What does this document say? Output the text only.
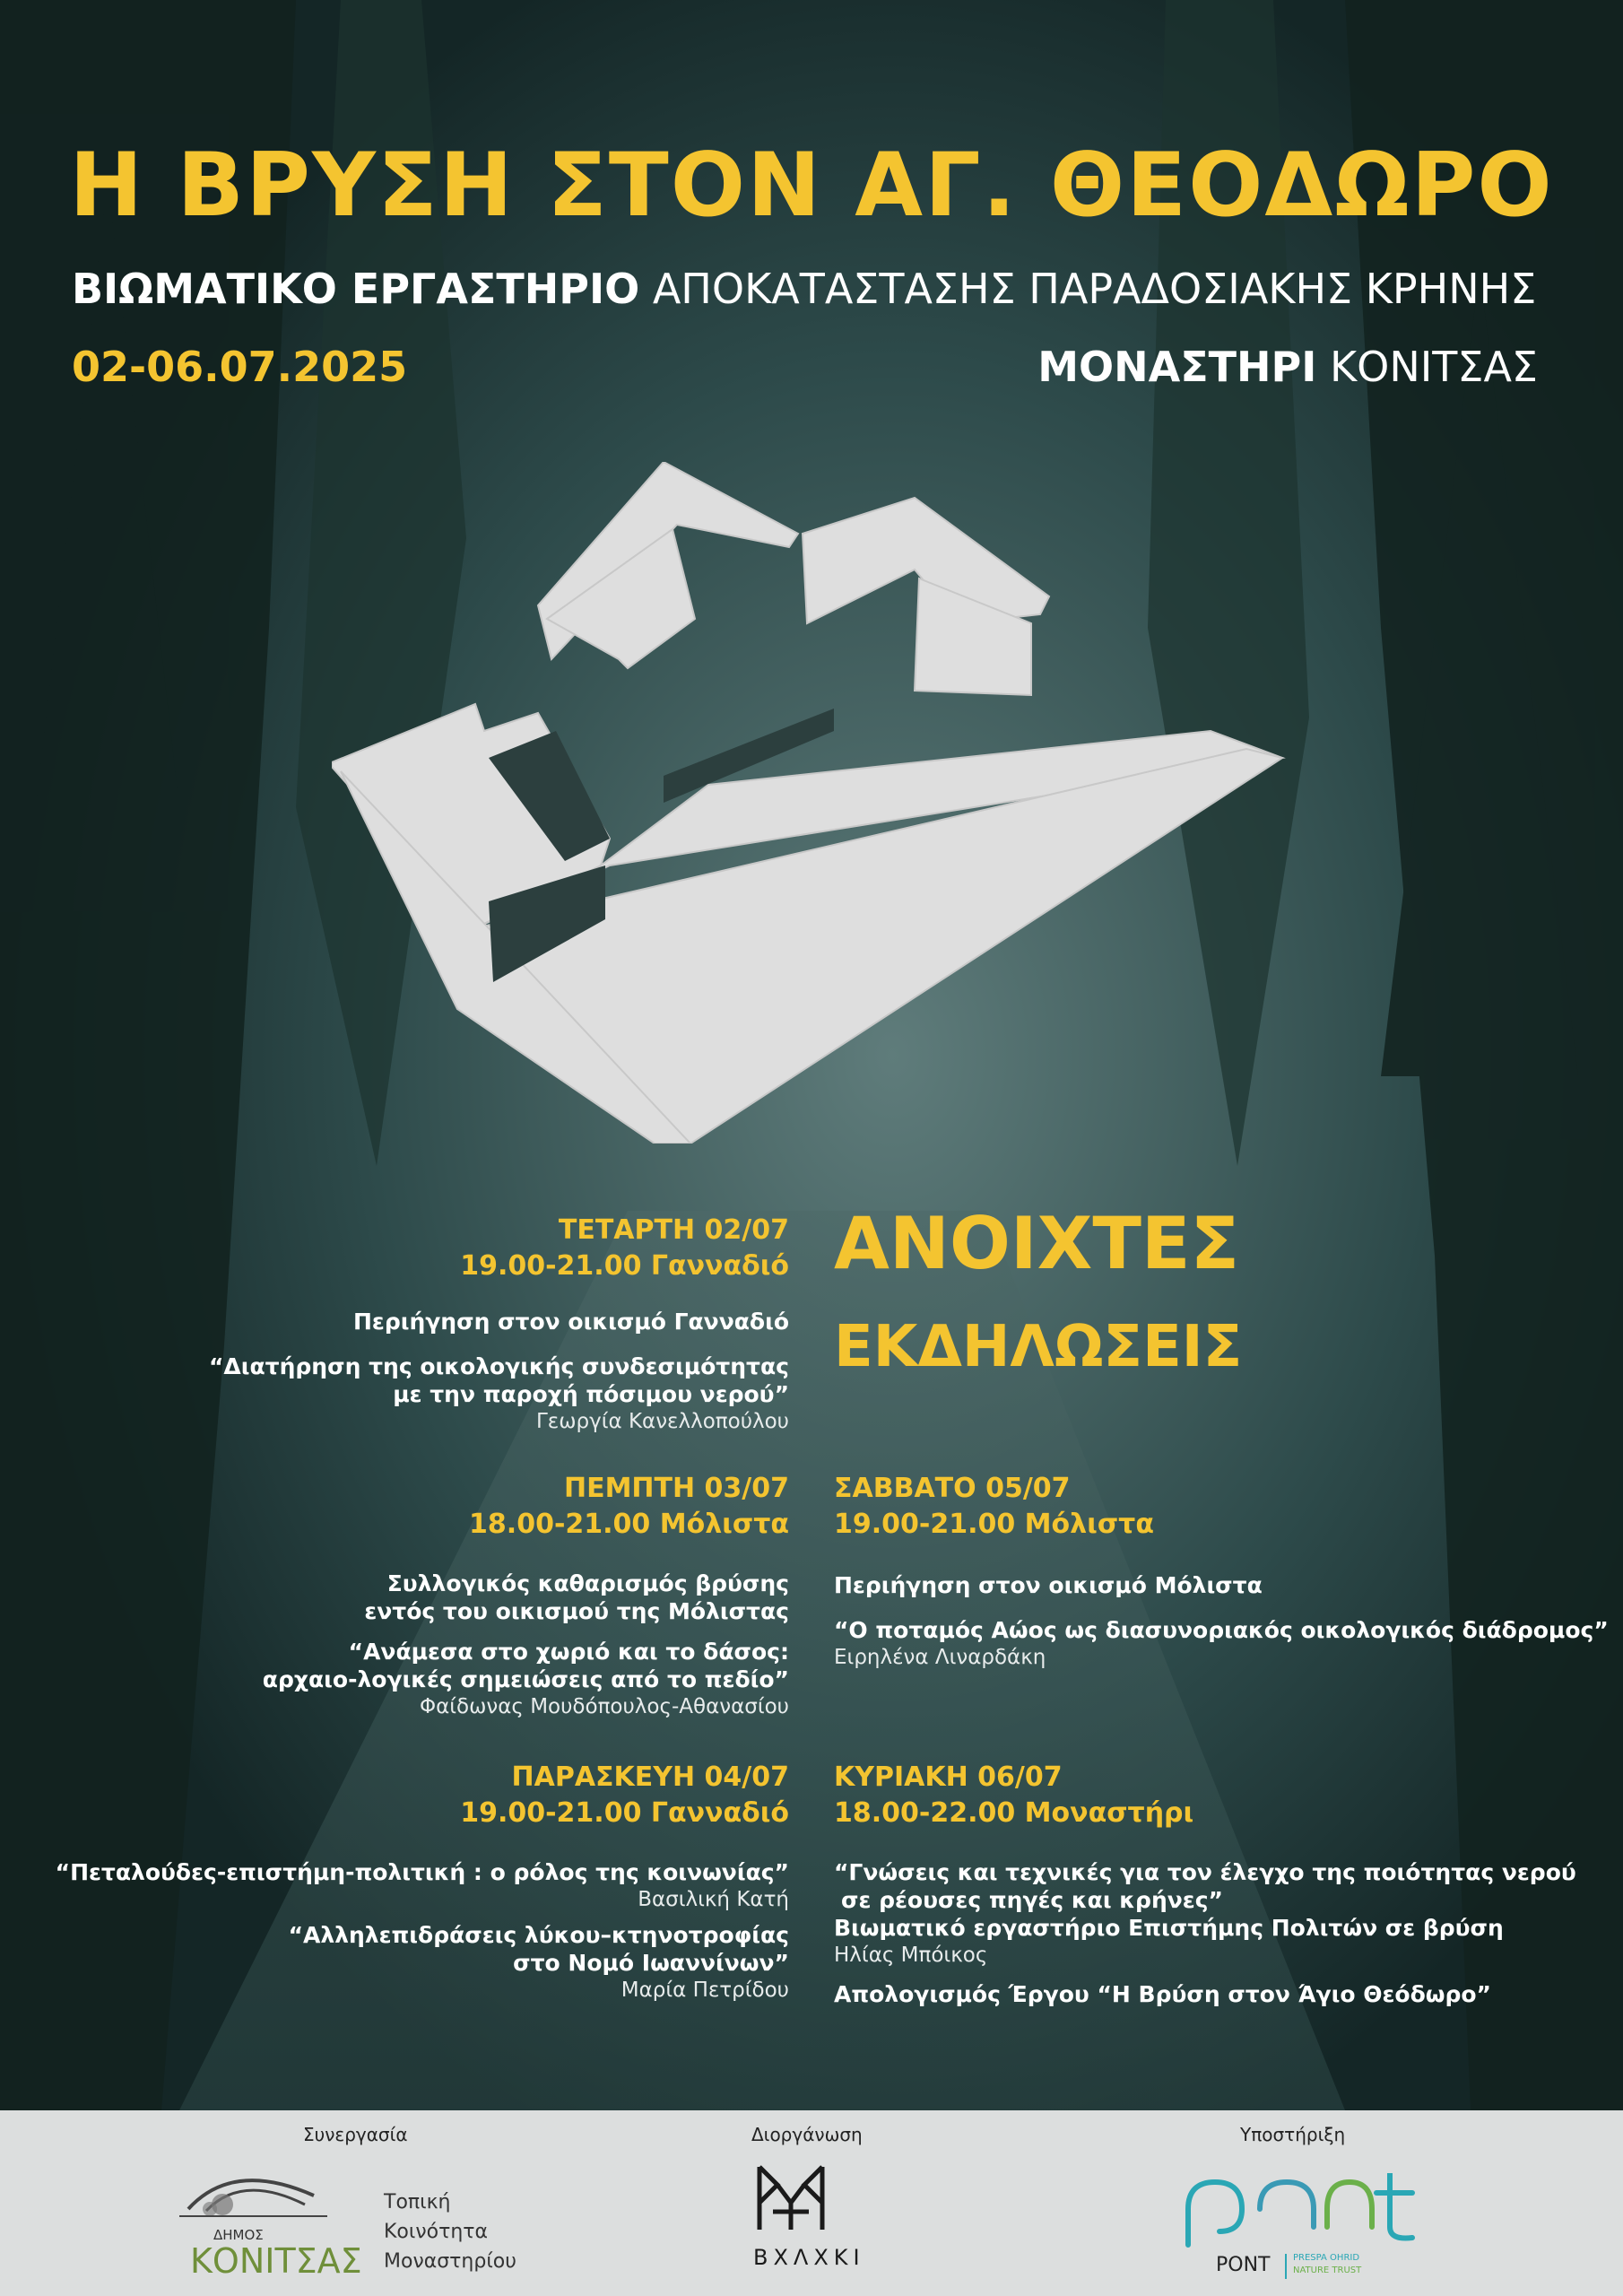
Η ΒΡΥΣΗ ΣΤΟΝ ΑΓ. ΘΕΟΔΩΡΟ
ΒΙΩΜΑΤΙΚΟ ΕΡΓΑΣΤΗΡΙΟ ΑΠΟΚΑΤΑΣΤΑΣΗΣ ΠΑΡΑΔΟΣΙΑΚΗΣ ΚΡΗΝΗΣ
02-06.07.2025	ΜΟΝΑΣΤΗΡΙ ΚΟΝΙΤΣΑΣ
ΑΝΟΙΧΤΕΣ
ΕΚΔΗΛΩΣΕΙΣ
ΤΕΤΑΡΤΗ 02/07
19.00-21.00 Γανναδιό
Περιήγηση στον οικισμό Γανναδιό
“Διατήρηση της οικολογικής συνδεσιμότητας
με την παροχή πόσιμου νερού”
Γεωργία Κανελλοπούλου
ΠΕΜΠΤΗ 03/07
18.00-21.00 Μόλιστα
Συλλογικός καθαρισμός βρύσης
εντός του οικισμού της Μόλιστας
“Ανάμεσα στο χωριό και το δάσος:
αρχαιο-λογικές σημειώσεις από το πεδίο”
Φαίδωνας Μουδόπουλος-Αθανασίου
ΠΑΡΑΣΚΕΥΗ 04/07
19.00-21.00 Γανναδιό
“Πεταλούδες-επιστήμη-πολιτική : ο ρόλος της κοινωνίας”
Βασιλική Κατή
“Αλληλεπιδράσεις λύκου–κτηνοτροφίας
στο Νομό Ιωαννίνων”
Μαρία Πετρίδου
ΣΑΒΒΑΤΟ 05/07
19.00-21.00 Μόλιστα
Περιήγηση στον οικισμό Μόλιστα
“Ο ποταμός Αώος ως διασυνοριακός οικολογικός διάδρομος”
Ειρηλένα Λιναρδάκη
ΚΥΡΙΑΚΗ 06/07
18.00-22.00 Μοναστήρι
“Γνώσεις και τεχνικές για τον έλεγχο της ποιότητας νερού
σε ρέουσες πηγές και κρήνες”
Βιωματικό εργαστήριο Επιστήμης Πολιτών σε βρύση
Ηλίας Μπόικος
Απολογισμός Έργου “Η Βρύση στον Άγιο Θεόδωρο”
Συνεργασία	Διοργάνωση	Υποστήριξη
ΔΗΜΟΣ
ΚΟΝΙΤΣΑΣ
Τοπική
Κοινότητα
Μοναστηρίου	ΒΧΛΧΚΙ	PONT	PRESPA OHRID
NATURE TRUST
